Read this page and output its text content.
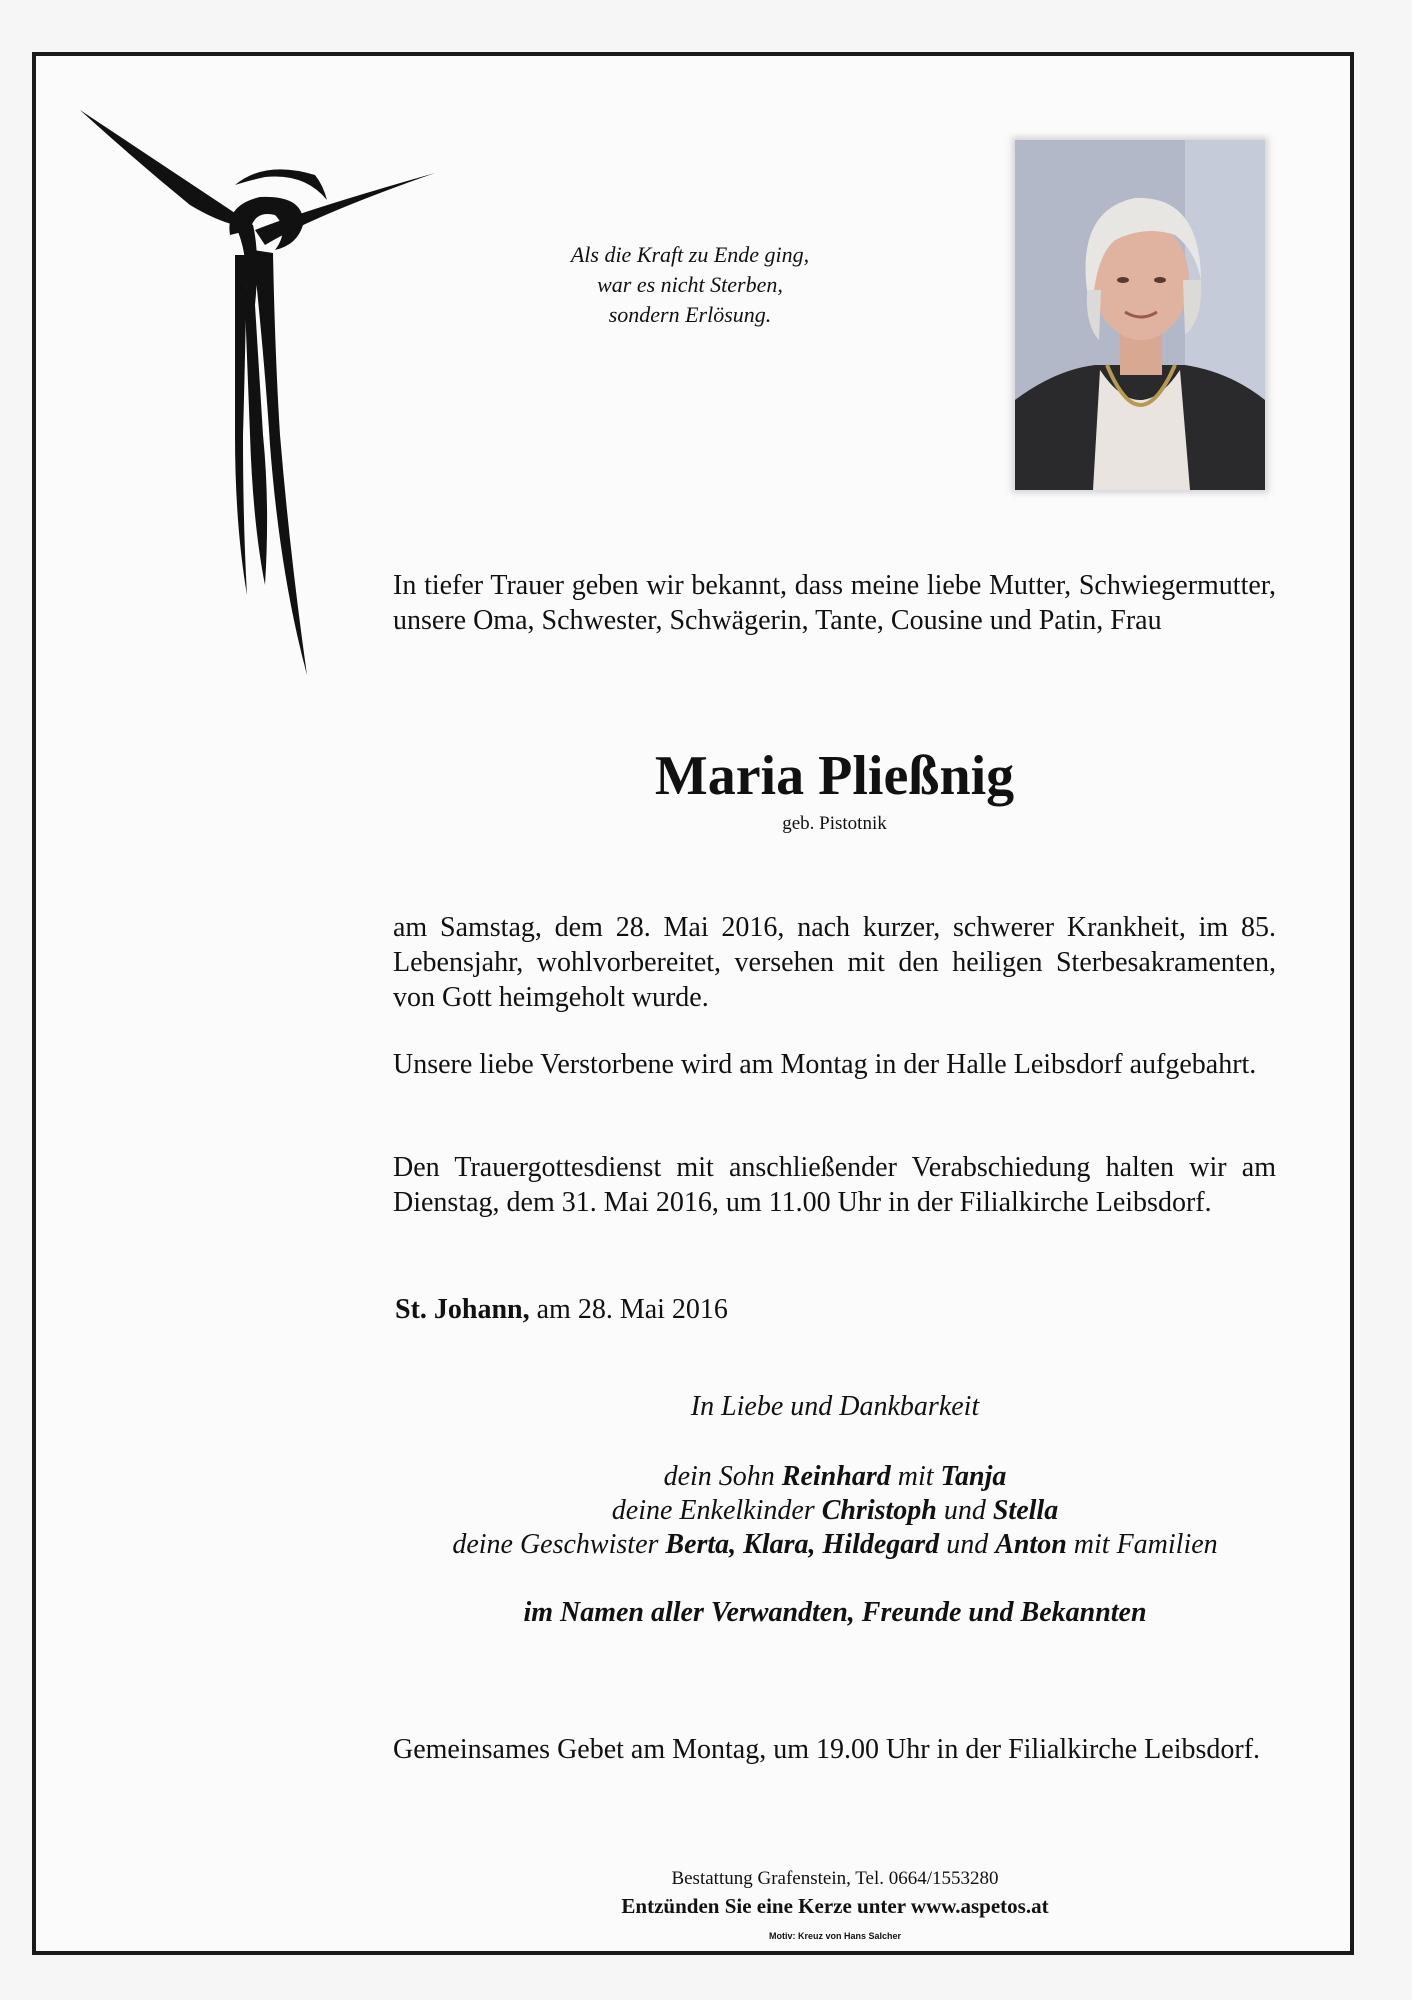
Als die Kraft zu Ende ging,
war es nicht Sterben,
sondern Erlösung.
In tiefer Trauer geben wir bekannt, dass meine liebe Mutter, Schwiegermutter, unsere Oma, Schwester, Schwägerin, Tante, Cousine und Patin, Frau
Maria Pließnig
geb. Pistotnik
am Samstag, dem 28. Mai 2016, nach kurzer, schwerer Krankheit, im 85. Lebensjahr, wohlvorbereitet, versehen mit den heiligen Sterbesakramenten, von Gott heimgeholt wurde.
Unsere liebe Verstorbene wird am Montag in der Halle Leibsdorf aufgebahrt.
Den Trauergottesdienst mit anschließender Verabschiedung halten wir am Dienstag, dem 31. Mai 2016, um 11.00 Uhr in der Filialkirche Leibsdorf.
St. Johann, am 28. Mai 2016
In Liebe und Dankbarkeit
dein Sohn Reinhard mit Tanja
deine Enkelkinder Christoph und Stella
deine Geschwister Berta, Klara, Hildegard und Anton mit Familien
im Namen aller Verwandten, Freunde und Bekannten
Gemeinsames Gebet am Montag, um 19.00 Uhr in der Filialkirche Leibsdorf.
Bestattung Grafenstein, Tel. 0664/1553280
Entzünden Sie eine Kerze unter www.aspetos.at
Motiv: Kreuz von Hans Salcher
